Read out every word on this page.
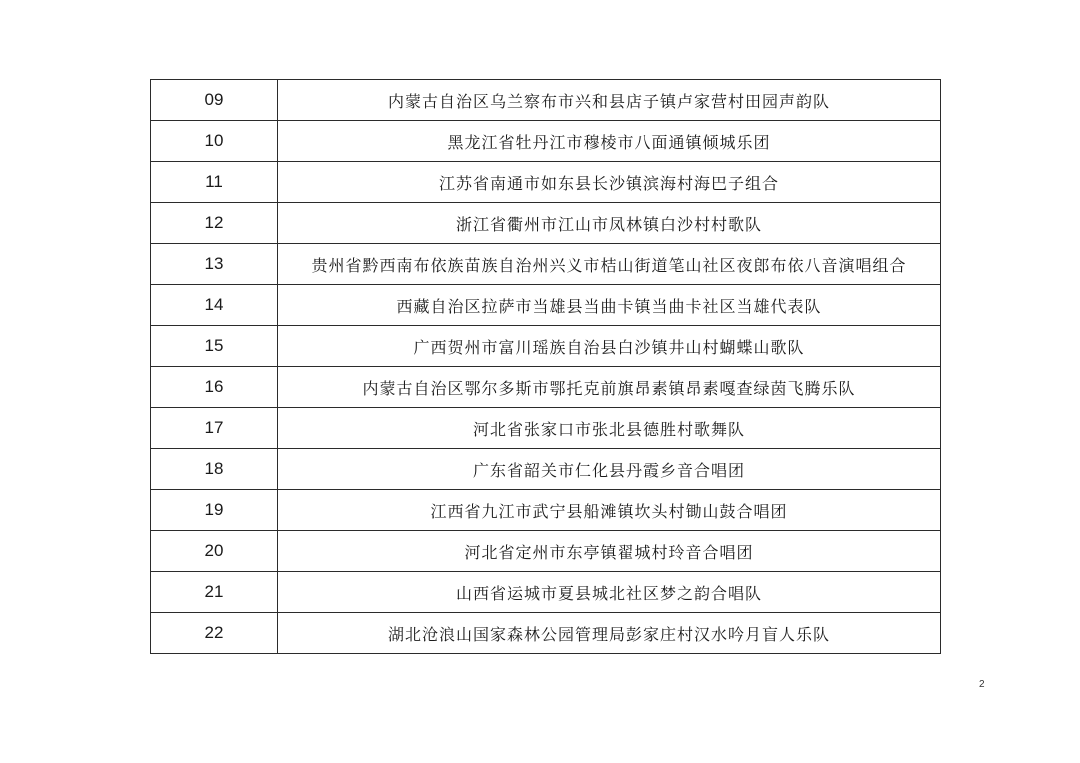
09	内蒙古自治区乌兰察布市兴和县店子镇卢家营村田园声韵队
10	黑龙江省牡丹江市穆棱市八面通镇倾城乐团
11	江苏省南通市如东县长沙镇滨海村海巴子组合
12	浙江省衢州市江山市凤林镇白沙村村歌队
13	贵州省黔西南布依族苗族自治州兴义市桔山街道笔山社区夜郎布依八音演唱组合
14	西藏自治区拉萨市当雄县当曲卡镇当曲卡社区当雄代表队
15	广西贺州市富川瑶族自治县白沙镇井山村蝴蝶山歌队
16	内蒙古自治区鄂尔多斯市鄂托克前旗昂素镇昂素嘎查绿茵飞腾乐队
17	河北省张家口市张北县德胜村歌舞队
18	广东省韶关市仁化县丹霞乡音合唱团
19	江西省九江市武宁县船滩镇坎头村锄山鼓合唱团
20	河北省定州市东亭镇翟城村玲音合唱团
21	山西省运城市夏县城北社区梦之韵合唱队
22	湖北沧浪山国家森林公园管理局彭家庄村汉水吟月盲人乐队
2
